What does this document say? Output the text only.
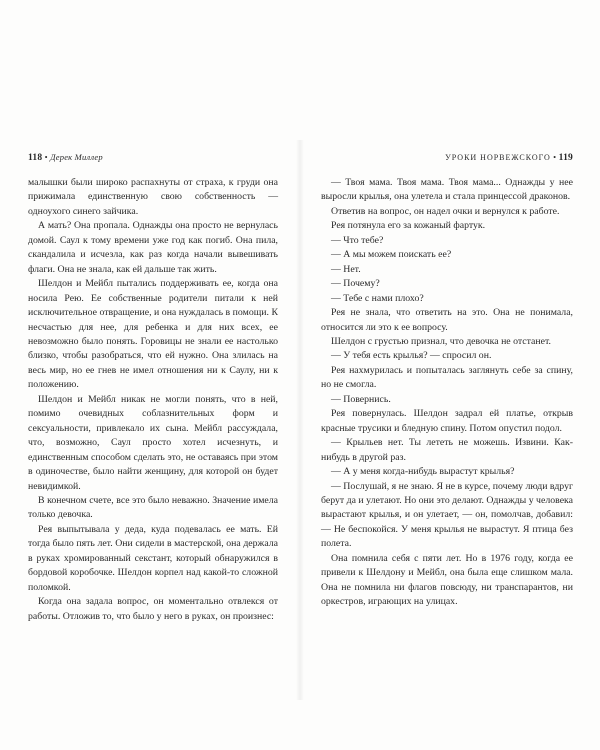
118 • Дерек Миллер

малышки были широко распахнуты от страха, к груди она прижимала единственную свою собственность — одноухого синего зайчика.

А мать? Она пропала. Однажды она просто не вернулась домой. Саул к тому времени уже год как погиб. Она пила, скандалила и исчезла, как раз когда начали вывешивать флаги. Она не знала, как ей дальше так жить.

Шелдон и Мейбл пытались поддерживать ее, когда она носила Рею. Ее собственные родители питали к ней исключительное отвращение, и она нуждалась в помощи. К несчастью для нее, для ребенка и для них всех, ее невозможно было понять. Горовицы не знали ее настолько близко, чтобы разобраться, что ей нужно. Она злилась на весь мир, но ее гнев не имел отношения ни к Саулу, ни к положению.

Шелдон и Мейбл никак не могли понять, что в ней, помимо очевидных соблазнительных форм и сексуальности, привлекало их сына. Мейбл рассуждала, что, возможно, Саул просто хотел исчезнуть, и единственным способом сделать это, не оставаясь при этом в одиночестве, было найти женщину, для которой он будет невидимкой.

В конечном счете, все это было неважно. Значение имела только девочка.

Рея выпытывала у деда, куда подевалась ее мать. Ей тогда было пять лет. Они сидели в мастерской, она держала в руках хромированный секстант, который обнаружился в бордовой коробочке. Шелдон корпел над какой-то сложной поломкой.

Когда она задала вопрос, он моментально отвлекся от работы. Отложив то, что было у него в руках, он произнес:

УРОКИ НОРВЕЖСКОГО • 119

— Твоя мама. Твоя мама. Твоя мама... Однажды у нее выросли крылья, она улетела и стала принцессой драконов.

Ответив на вопрос, он надел очки и вернулся к работе.

Рея потянула его за кожаный фартук.

— Что тебе?

— А мы можем поискать ее?

— Нет.

— Почему?

— Тебе с нами плохо?

Рея не знала, что ответить на это. Она не понимала, относится ли это к ее вопросу.

Шелдон с грустью признал, что девочка не отстанет.

— У тебя есть крылья? — спросил он.

Рея нахмурилась и попыталась заглянуть себе за спину, но не смогла.

— Повернись.

Рея повернулась. Шелдон задрал ей платье, открыв красные трусики и бледную спину. Потом опустил подол.

— Крыльев нет. Ты лететь не можешь. Извини. Как-нибудь в другой раз.

— А у меня когда-нибудь вырастут крылья?

— Послушай, я не знаю. Я не в курсе, почему люди вдруг берут да и улетают. Но они это делают. Однажды у человека вырастают крылья, и он улетает, — он, помолчав, добавил: — Не беспокойся. У меня крылья не вырастут. Я птица без полета.

Она помнила себя с пяти лет. Но в 1976 году, когда ее привели к Шелдону и Мейбл, она была еще слишком мала. Она не помнила ни флагов повсюду, ни транспарантов, ни оркестров, играющих на улицах.
